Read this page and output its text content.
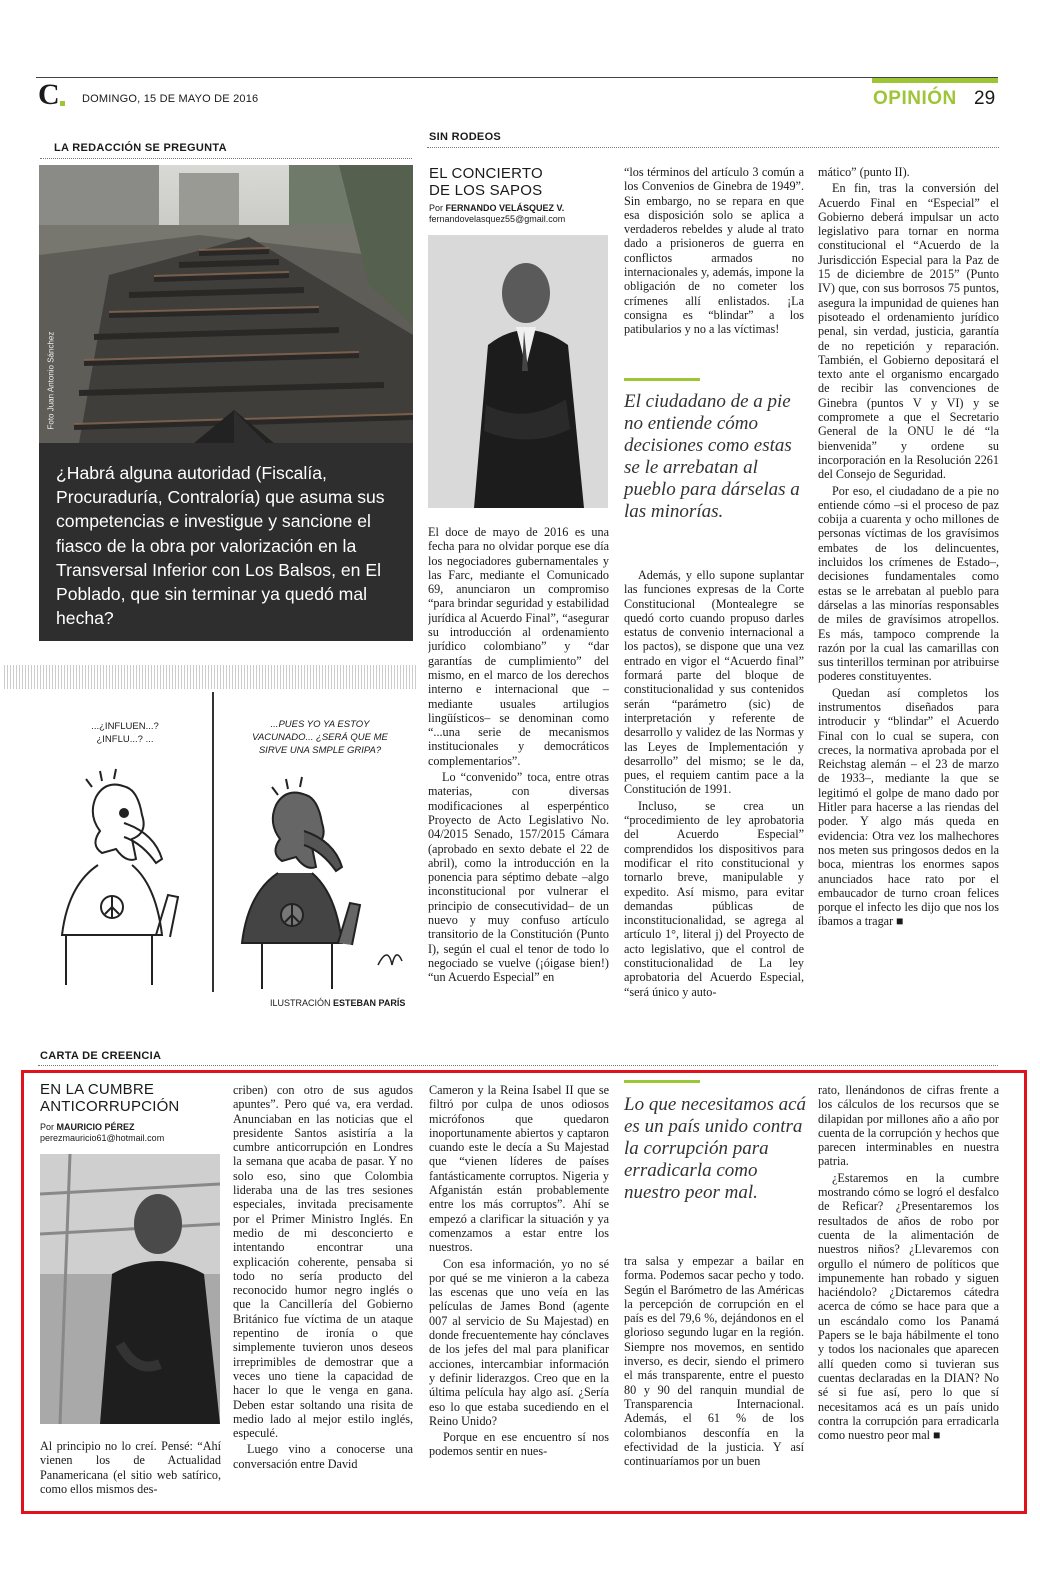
C DOMINGO, 15 DE MAYO DE 2016	OPINIÓN 29
LA REDACCIÓN SE PREGUNTA
Foto Juan Antonio Sánchez
¿Habrá alguna autoridad (Fiscalía, Procuraduría, Contraloría) que asuma sus competencias e investigue y sancione el fiasco de la obra por valorización en la Transversal Inferior con Los Balsos, en El Poblado, que sin terminar ya quedó mal hecha?
...¿INFLUEN...? ¿INFLU...? ...
...PUES YO YA ESTOY VACUNADO... ¿SERÁ QUE ME SIRVE UNA SMPLE GRIPA?
ILUSTRACIÓN ESTEBAN PARÍS
SIN RODEOS
EL CONCIERTO
DE LOS SAPOS
Por FERNANDO VELÁSQUEZ V.
fernandovelasquez55@gmail.com

El doce de mayo de 2016 es una fecha para no olvidar porque ese día los negociadores gubernamentales y las Farc, mediante el Comunicado 69, anunciaron un compromiso “para brindar seguridad y estabilidad jurídica al Acuerdo Final”, “asegurar su introducción al ordenamiento jurídico colombiano” y “dar garantías de cumplimiento” del mismo, en el marco de los derechos interno e internacional que –mediante usuales artilugios lingüísticos– se denominan como “...una serie de mecanismos institucionales y democráticos complementarios”.

Lo “convenido” toca, entre otras materias, con diversas modificaciones al esperpéntico Proyecto de Acto Legislativo No. 04/2015 Senado, 157/2015 Cámara (aprobado en sexto debate el 22 de abril), como la introducción en la ponencia para séptimo debate –algo inconstitucional por vulnerar el principio de consecutividad– de un nuevo y muy confuso artículo transitorio de la Constitución (Punto I), según el cual el tenor de todo lo negociado se vuelve (¡óigase bien!) “un Acuerdo Especial” en

“los términos del artículo 3 común a los Convenios de Ginebra de 1949”. Sin embargo, no se repara en que esa disposición solo se aplica a verdaderos rebeldes y alude al trato dado a prisioneros de guerra en conflictos armados no internacionales y, además, impone la obligación de no cometer los crímenes allí enlistados. ¡La consigna es “blindar” a los patibularios y no a las víctimas!

El ciudadano de a pie no entiende cómo decisiones como estas se le arrebatan al pueblo para dárselas a las minorías.

Además, y ello supone suplantar las funciones expresas de la Corte Constitucional (Montealegre se quedó corto cuando propuso darles estatus de convenio internacional a los pactos), se dispone que una vez entrado en vigor el “Acuerdo final” formará parte del bloque de constitucionalidad y sus contenidos serán “parámetro (sic) de interpretación y referente de desarrollo y validez de las Normas y las Leyes de Implementación y desarrollo” del mismo; se le da, pues, el requiem cantim pace a la Constitución de 1991.

Incluso, se crea un “procedimiento de ley aprobatoria del Acuerdo Especial” comprendidos los dispositivos para modificar el rito constitucional y tornarlo breve, manipulable y expedito. Así mismo, para evitar demandas públicas de inconstitucionalidad, se agrega al artículo 1°, literal j) del Proyecto de acto legislativo, que el control de constitucionalidad de La ley aprobatoria del Acuerdo Especial, “será único y auto-

mático” (punto II).

En fin, tras la conversión del Acuerdo Final en “Especial” el Gobierno deberá impulsar un acto legislativo para tornar en norma constitucional el “Acuerdo de la Jurisdicción Especial para la Paz de 15 de diciembre de 2015” (Punto IV) que, con sus borrosos 75 puntos, asegura la impunidad de quienes han pisoteado el ordenamiento jurídico penal, sin verdad, justicia, garantía de no repetición y reparación. También, el Gobierno depositará el texto ante el organismo encargado de recibir las convenciones de Ginebra (puntos V y VI) y se compromete a que el Secretario General de la ONU le dé “la bienvenida” y ordene su incorporación en la Resolución 2261 del Consejo de Seguridad.

Por eso, el ciudadano de a pie no entiende cómo –si el proceso de paz cobija a cuarenta y ocho millones de personas víctimas de los gravísimos embates de los delincuentes, incluidos los crímenes de Estado–, decisiones fundamentales como estas se le arrebatan al pueblo para dárselas a las minorías responsables de miles de gravísimos atropellos. Es más, tampoco comprende la razón por la cual las camarillas con sus tinterillos terminan por atribuirse poderes constituyentes.

Quedan así completos los instrumentos diseñados para introducir y “blindar” el Acuerdo Final con lo cual se supera, con creces, la normativa aprobada por el Reichstag alemán – el 23 de marzo de 1933–, mediante la que se legitimó el golpe de mano dado por Hitler para hacerse a las riendas del poder. Y algo más queda en evidencia: Otra vez los malhechores nos meten sus pringosos dedos en la boca, mientras los enormes sapos anunciados hace rato por el embaucador de turno croan felices porque el infecto les dijo que nos los íbamos a tragar ■

CARTA DE CREENCIA
EN LA CUMBRE
ANTICORRUPCIÓN
Por MAURICIO PÉREZ
perezmauricio61@hotmail.com

Al principio no lo creí. Pensé: “Ahí vienen los de Actualidad Panamericana (el sitio web satírico, como ellos mismos des-

criben) con otro de sus agudos apuntes”. Pero qué va, era verdad. Anunciaban en las noticias que el presidente Santos asistiría a la cumbre anticorrupción en Londres la semana que acaba de pasar. Y no solo eso, sino que Colombia lideraba una de las tres sesiones especiales, invitada precisamente por el Primer Ministro Inglés. En medio de mi desconcierto e intentando encontrar una explicación coherente, pensaba si todo no sería producto del reconocido humor negro inglés o que la Cancillería del Gobierno Británico fue víctima de un ataque repentino de ironía o que simplemente tuvieron unos deseos irreprimibles de demostrar que a veces uno tiene la capacidad de hacer lo que le venga en gana. Deben estar soltando una risita de medio lado al mejor estilo inglés, especulé.

Luego vino a conocerse una conversación entre David

Cameron y la Reina Isabel II que se filtró por culpa de unos odiosos micrófonos que quedaron inoportunamente abiertos y captaron cuando este le decía a Su Majestad que “vienen líderes de países fantásticamente corruptos. Nigeria y Afganistán están probablemente entre los más corruptos”. Ahí se empezó a clarificar la situación y ya comenzamos a estar entre los nuestros.

Con esa información, yo no sé por qué se me vinieron a la cabeza las escenas que uno veía en las películas de James Bond (agente 007 al servicio de Su Majestad) en donde frecuentemente hay cónclaves de los jefes del mal para planificar acciones, intercambiar información y definir liderazgos. Creo que en la última película hay algo así. ¿Sería eso lo que estaba sucediendo en el Reino Unido?

Porque en ese encuentro sí nos podemos sentir en nues-

Lo que necesitamos acá es un país unido contra la corrupción para erradicarla como nuestro peor mal.

tra salsa y empezar a bailar en forma. Podemos sacar pecho y todo. Según el Barómetro de las Américas la percepción de corrupción en el país es del 79,6 %, dejándonos en el glorioso segundo lugar en la región. Siempre nos movemos, en sentido inverso, es decir, siendo el primero el más transparente, entre el puesto 80 y 90 del ranquin mundial de Transparencia Internacional. Además, el 61 % de los colombianos desconfía en la efectividad de la justicia. Y así continuaríamos por un buen

rato, llenándonos de cifras frente a los cálculos de los recursos que se dilapidan por millones año a año por cuenta de la corrupción y hechos que parecen interminables en nuestra patria.

¿Estaremos en la cumbre mostrando cómo se logró el desfalco de Reficar? ¿Presentaremos los resultados de años de robo por cuenta de la alimentación de nuestros niños? ¿Llevaremos con orgullo el número de políticos que impunemente han robado y siguen haciéndolo? ¿Dictaremos cátedra acerca de cómo se hace para que a un escándalo como los Panamá Papers se le baja hábilmente el tono y todos los nacionales que aparecen allí queden como si tuvieran sus cuentas declaradas en la DIAN? No sé si fue así, pero lo que sí necesitamos acá es un país unido contra la corrupción para erradicarla como nuestro peor mal ■
